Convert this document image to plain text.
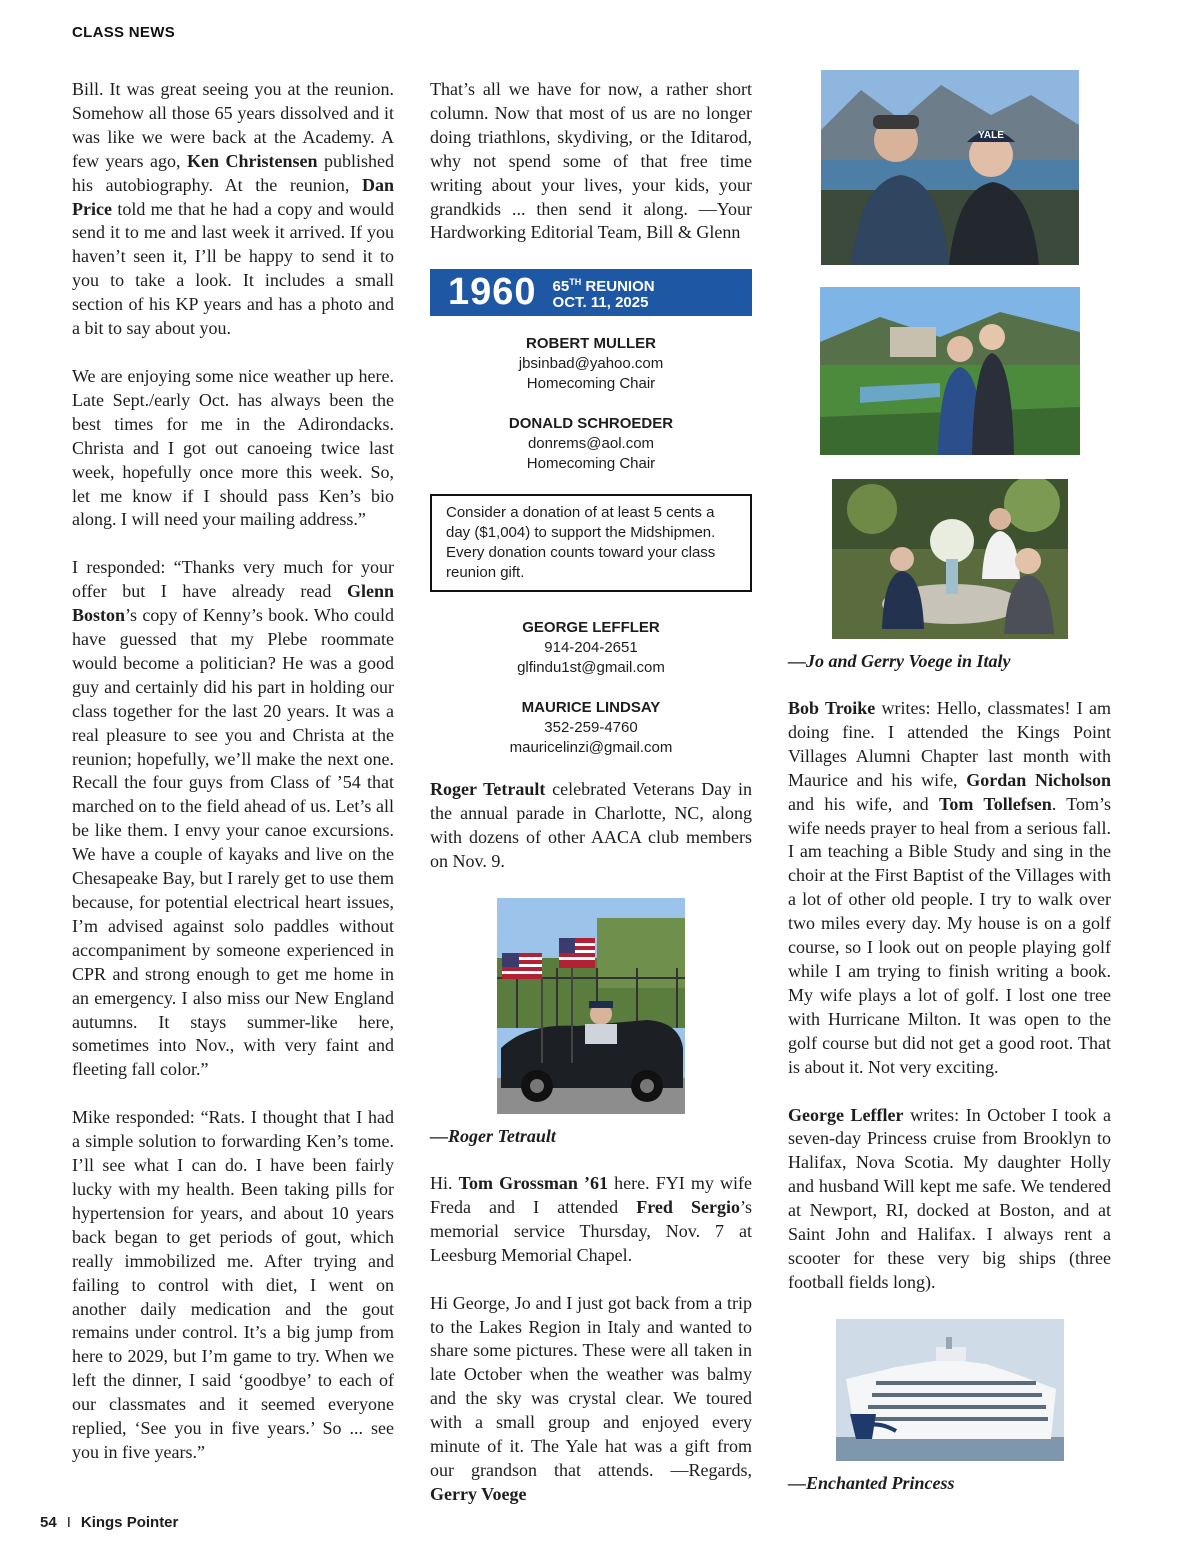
CLASS NEWS

Bill. It was great seeing you at the reunion. Somehow all those 65 years dissolved and it was like we were back at the Academy. A few years ago, Ken Christensen published his autobiography. At the reunion, Dan Price told me that he had a copy and would send it to me and last week it arrived. If you haven’t seen it, I’ll be happy to send it to you to take a look. It includes a small section of his KP years and has a photo and a bit to say about you.

We are enjoying some nice weather up here. Late Sept./early Oct. has always been the best times for me in the Adirondacks. Christa and I got out canoeing twice last week, hopefully once more this week. So, let me know if I should pass Ken’s bio along. I will need your mailing address.”

I responded: “Thanks very much for your offer but I have already read Glenn Boston’s copy of Kenny’s book. Who could have guessed that my Plebe roommate would become a politician? He was a good guy and certainly did his part in holding our class together for the last 20 years. It was a real pleasure to see you and Christa at the reunion; hopefully, we’ll make the next one. Recall the four guys from Class of ’54 that marched on to the field ahead of us. Let’s all be like them. I envy your canoe excursions. We have a couple of kayaks and live on the Chesapeake Bay, but I rarely get to use them because, for potential electrical heart issues, I’m advised against solo paddles without accompaniment by someone experienced in CPR and strong enough to get me home in an emergency. I also miss our New England autumns. It stays summer-like here, sometimes into Nov., with very faint and fleeting fall color.”

Mike responded: “Rats. I thought that I had a simple solution to forwarding Ken’s tome. I’ll see what I can do. I have been fairly lucky with my health. Been taking pills for hypertension for years, and about 10 years back began to get periods of gout, which really immobilized me. After trying and failing to control with diet, I went on another daily medication and the gout remains under control. It’s a big jump from here to 2029, but I’m game to try. When we left the dinner, I said ‘goodbye’ to each of our classmates and it seemed everyone replied, ‘See you in five years.’ So ... see you in five years.”

That’s all we have for now, a rather short column. Now that most of us are no longer doing triathlons, skydiving, or the Iditarod, why not spend some of that free time writing about your lives, your kids, your grandkids ... then send it along. —Your Hardworking Editorial Team, Bill & Glenn

1960 65TH REUNION
OCT. 11, 2025
ROBERT MULLER
jbsinbad@yahoo.com
Homecoming Chair
DONALD SCHROEDER
donrems@aol.com
Homecoming Chair
Consider a donation of at least 5 cents a day ($1,004) to support the Midshipmen. Every donation counts toward your class reunion gift.
GEORGE LEFFLER
914-204-2651
glfindu1st@gmail.com
MAURICE LINDSAY
352-259-4760
mauricelinzi@gmail.com

Roger Tetrault celebrated Veterans Day in the annual parade in Charlotte, NC, along with dozens of other AACA club members on Nov. 9.

—Roger Tetrault

Hi. Tom Grossman ’61 here. FYI my wife Freda and I attended Fred Sergio’s memorial service Thursday, Nov. 7 at Leesburg Memorial Chapel.

Hi George, Jo and I just got back from a trip to the Lakes Region in Italy and wanted to share some pictures. These were all taken in late October when the weather was balmy and the sky was crystal clear. We toured with a small group and enjoyed every minute of it. The Yale hat was a gift from our grandson that attends. —Regards, Gerry Voege

YALE
—Jo and Gerry Voege in Italy

Bob Troike writes: Hello, classmates! I am doing fine. I attended the Kings Point Villages Alumni Chapter last month with Maurice and his wife, Gordan Nicholson and his wife, and Tom Tollefsen. Tom’s wife needs prayer to heal from a serious fall. I am teaching a Bible Study and sing in the choir at the First Baptist of the Villages with a lot of other old people. I try to walk over two miles every day. My house is on a golf course, so I look out on people playing golf while I am trying to finish writing a book. My wife plays a lot of golf. I lost one tree with Hurricane Milton. It was open to the golf course but did not get a good root. That is about it. Not very exciting.

George Leffler writes: In October I took a seven-day Princess cruise from Brooklyn to Halifax, Nova Scotia. My daughter Holly and husband Will kept me safe. We tendered at Newport, RI, docked at Boston, and at Saint John and Halifax. I always rent a scooter for these very big ships (three football fields long).

—Enchanted Princess
54 I Kings Pointer
